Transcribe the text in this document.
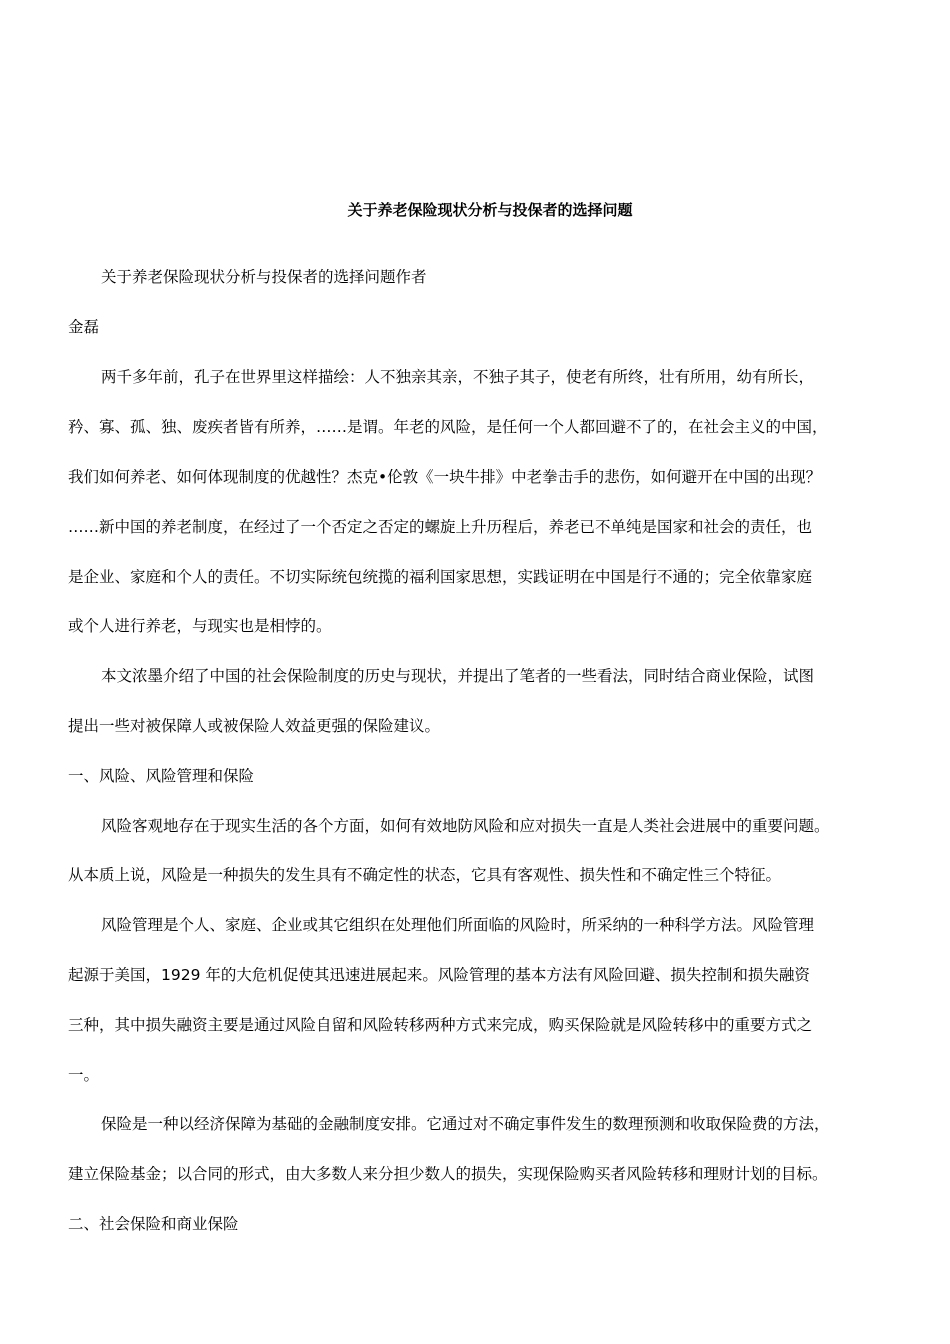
关于养老保险现状分析与投保者的选择问题
关于养老保险现状分析与投保者的选择问题作者
金磊
两千多年前，孔子在世界里这样描绘：人不独亲其亲，不独子其子，使老有所终，壮有所用，幼有所长，
矜、寡、孤、独、废疾者皆有所养，……是谓。年老的风险，是任何一个人都回避不了的，在社会主义的中国，
我们如何养老、如何体现制度的优越性？杰克•伦敦《一块牛排》中老拳击手的悲伤，如何避开在中国的出现？
……新中国的养老制度，在经过了一个否定之否定的螺旋上升历程后，养老已不单纯是国家和社会的责任，也
是企业、家庭和个人的责任。不切实际统包统揽的福利国家思想，实践证明在中国是行不通的；完全依靠家庭
或个人进行养老，与现实也是相悖的。
本文浓墨介绍了中国的社会保险制度的历史与现状，并提出了笔者的一些看法，同时结合商业保险，试图
提出一些对被保障人或被保险人效益更强的保险建议。
一、风险、风险管理和保险
风险客观地存在于现实生活的各个方面，如何有效地防风险和应对损失一直是人类社会进展中的重要问题。
从本质上说，风险是一种损失的发生具有不确定性的状态，它具有客观性、损失性和不确定性三个特征。
风险管理是个人、家庭、企业或其它组织在处理他们所面临的风险时，所采纳的一种科学方法。风险管理
起源于美国，1929 年的大危机促使其迅速进展起来。风险管理的基本方法有风险回避、损失控制和损失融资
三种，其中损失融资主要是通过风险自留和风险转移两种方式来完成，购买保险就是风险转移中的重要方式之
一。
保险是一种以经济保障为基础的金融制度安排。它通过对不确定事件发生的数理预测和收取保险费的方法，
建立保险基金；以合同的形式，由大多数人来分担少数人的损失，实现保险购买者风险转移和理财计划的目标。
二、社会保险和商业保险
